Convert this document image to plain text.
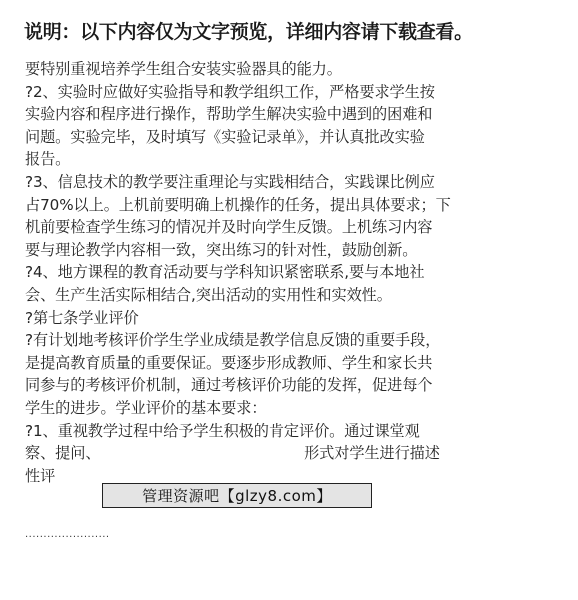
说明：以下内容仅为文字预览，详细内容请下载查看。
要特别重视培养学生组合安装实验器具的能力。
?2、实验时应做好实验指导和教学组织工作，严格要求学生按
实验内容和程序进行操作，帮助学生解决实验中遇到的困难和
问题。实验完毕，及时填写《实验记录单》，并认真批改实验
报告。
?3、信息技术的教学要注重理论与实践相结合，实践课比例应
占70%以上。上机前要明确上机操作的任务，提出具体要求；下
机前要检查学生练习的情况并及时向学生反馈。上机练习内容
要与理论教学内容相一致，突出练习的针对性，鼓励创新。
?4、地方课程的教育活动要与学科知识紧密联系,要与本地社
会、生产生活实际相结合,突出活动的实用性和实效性。
?第七条学业评价
?有计划地考核评价学生学业成绩是教学信息反馈的重要手段，
是提高教育质量的重要保证。要逐步形成教师、学生和家长共
同参与的考核评价机制，通过考核评价功能的发挥，促进每个
学生的进步。学业评价的基本要求：
?1、重视教学过程中给予学生积极的肯定评价。通过课堂观
察、提问、　　　　　　　　　　　　　　形式对学生进行描述
性评
·······················
管理资源吧【glzy8.com】
